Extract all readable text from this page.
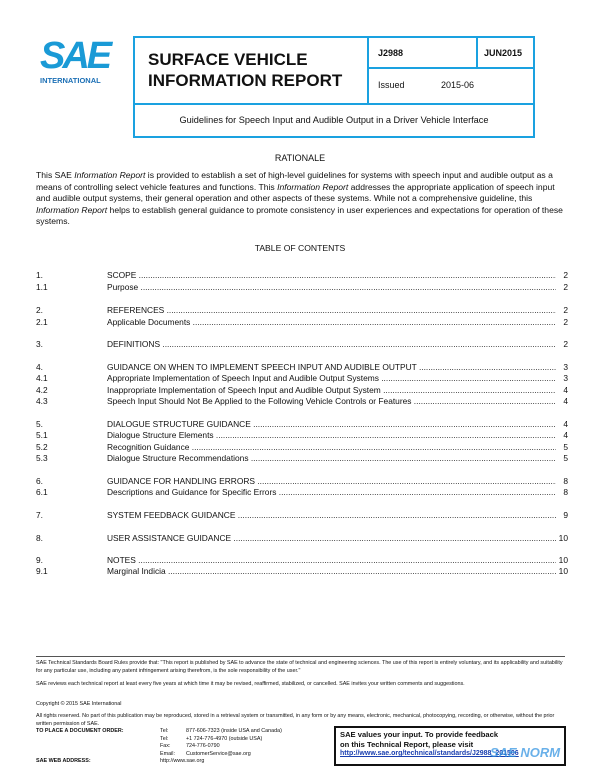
SAE
INTERNATIONAL
SURFACE VEHICLE
INFORMATION REPORT
J2988	JUN2015
Issued	2015-06
Guidelines for Speech Input and Audible Output in a Driver Vehicle Interface
RATIONALE
This SAE Information Report is provided to establish a set of high-level guidelines for systems with speech input and audible output as a means of controlling select vehicle features and functions. This Information Report addresses the appropriate application of speech input and audible output systems, their general operation and other aspects of these systems. While not a comprehensive guideline, this Information Report helps to establish general guidance to promote consistency in user experiences and expectations for operation of these systems.
TABLE OF CONTENTS
1.	SCOPE .....	2
1.1	Purpose .....	2
2.	REFERENCES .....	2
2.1	Applicable Documents .....	2
3.	DEFINITIONS .....	2
4.	GUIDANCE ON WHEN TO IMPLEMENT SPEECH INPUT AND AUDIBLE OUTPUT .....	3
4.1	Appropriate Implementation of Speech Input and Audible Output Systems .....	3
4.2	Inappropriate Implementation of Speech Input and Audible Output System .....	4
4.3	Speech Input Should Not Be Applied to the Following Vehicle Controls or Features .....	4
5.	DIALOGUE STRUCTURE GUIDANCE .....	4
5.1	Dialogue Structure Elements .....	4
5.2	Recognition Guidance .....	5
5.3	Dialogue Structure Recommendations .....	5
6.	GUIDANCE FOR HANDLING ERRORS .....	8
6.1	Descriptions and Guidance for Specific Errors .....	8
7.	SYSTEM FEEDBACK GUIDANCE .....	9
8.	USER ASSISTANCE GUIDANCE .....	10
9.	NOTES .....	10
9.1	Marginal Indicia .....	10
SAE Technical Standards Board Rules provide that: "This report is published by SAE to advance the state of technical and engineering sciences. The use of this report is entirely voluntary, and its applicability and suitability for any particular use, including any patent infringement arising therefrom, is the sole responsibility of the user."
SAE reviews each technical report at least every five years at which time it may be revised, reaffirmed, stabilized, or cancelled. SAE invites your written comments and suggestions.
Copyright © 2015 SAE International
All rights reserved. No part of this publication may be reproduced, stored in a retrieval system or transmitted, in any form or by any means, electronic, mechanical, photocopying, recording, or otherwise, without the prior written permission of SAE.
TO PLACE A DOCUMENT ORDER:	Tel:	877-606-7323 (inside USA and Canada)
Tel:	+1 724-776-4970 (outside USA)
Fax:	724-776-0790
Email: CustomerService@sae.org
SAE WEB ADDRESS:	http://www.sae.org
SAE values your input. To provide feedback
on this Technical Report, please visit
http://www.sae.org/technical/standards/J2988_201506
SAE NORM
